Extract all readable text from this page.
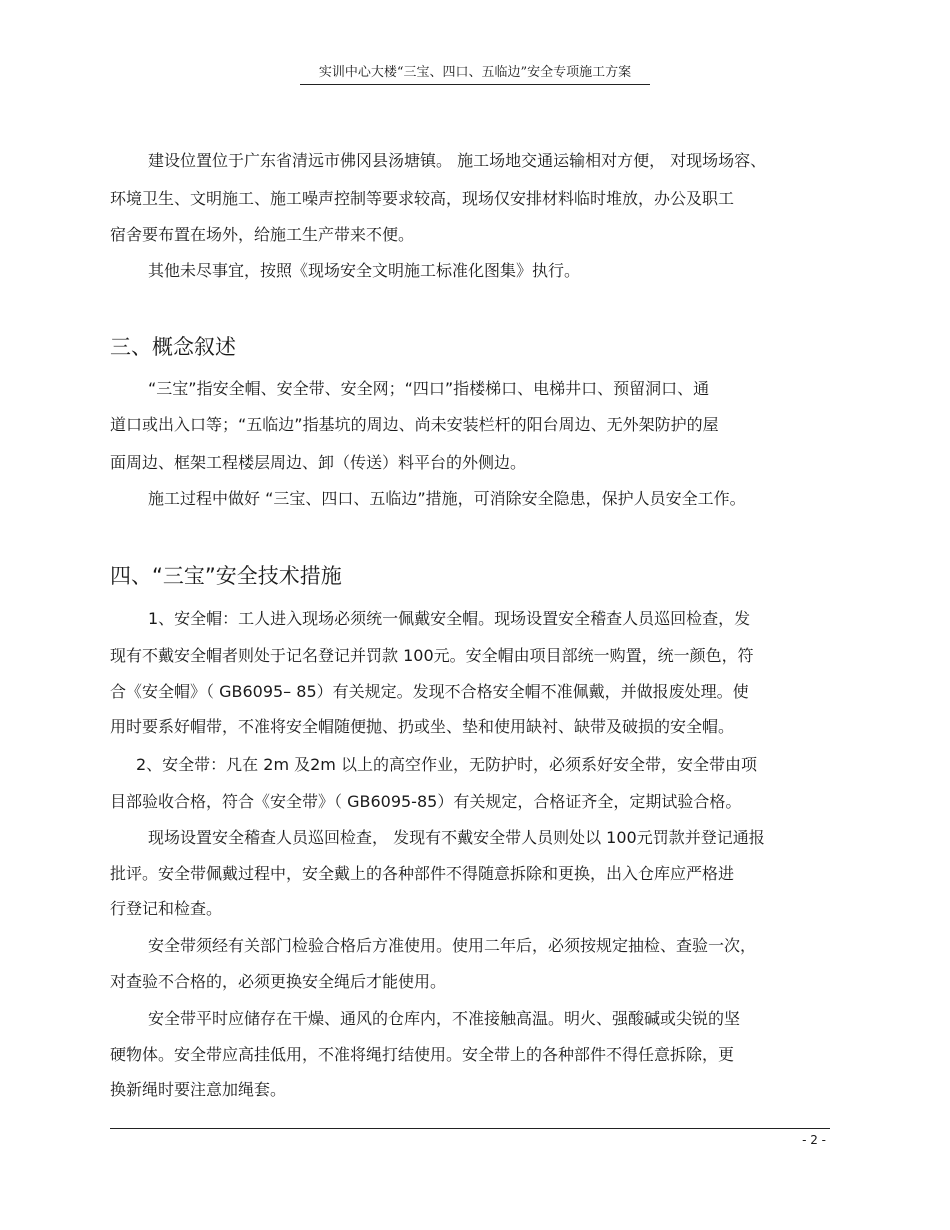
实训中心大楼“三宝、四口、五临边”安全专项施工方案
建设位置位于广东省清远市佛冈县汤塘镇。 施工场地交通运输相对方便， 对现场场容、
环境卫生、文明施工、施工噪声控制等要求较高，现场仅安排材料临时堆放，办公及职工
宿舍要布置在场外，给施工生产带来不便。
其他未尽事宜，按照《现场安全文明施工标准化图集》执行。
三、概念叙述
“三宝”指安全帽、安全带、安全网；“四口”指楼梯口、电梯井口、预留洞口、通
道口或出入口等；“五临边”指基坑的周边、尚未安装栏杆的阳台周边、无外架防护的屋
面周边、框架工程楼层周边、卸（传送）料平台的外侧边。
施工过程中做好 “三宝、四口、五临边”措施，可消除安全隐患，保护人员安全工作。
四、“三宝”安全技术措施
1、安全帽：工人进入现场必须统一佩戴安全帽。现场设置安全稽查人员巡回检查，发
现有不戴安全帽者则处于记名登记并罚款 100元。安全帽由项目部统一购置，统一颜色，符
合《安全帽》（ GB6095– 85）有关规定。发现不合格安全帽不准佩戴，并做报废处理。使
用时要系好帽带，不准将安全帽随便抛、扔或坐、垫和使用缺衬、缺带及破损的安全帽。
2、安全带：凡在 2m 及2m 以上的高空作业，无防护时，必须系好安全带，安全带由项
目部验收合格，符合《安全带》（ GB6095-85）有关规定，合格证齐全，定期试验合格。
现场设置安全稽查人员巡回检查， 发现有不戴安全带人员则处以 100元罚款并登记通报
批评。安全带佩戴过程中，安全戴上的各种部件不得随意拆除和更换，出入仓库应严格进
行登记和检查。
安全带须经有关部门检验合格后方准使用。使用二年后，必须按规定抽检、查验一次，
对查验不合格的，必须更换安全绳后才能使用。
安全带平时应储存在干燥、通风的仓库内，不准接触高温。明火、强酸碱或尖锐的坚
硬物体。安全带应高挂低用，不准将绳打结使用。安全带上的各种部件不得任意拆除，更
换新绳时要注意加绳套。
- 2 -
